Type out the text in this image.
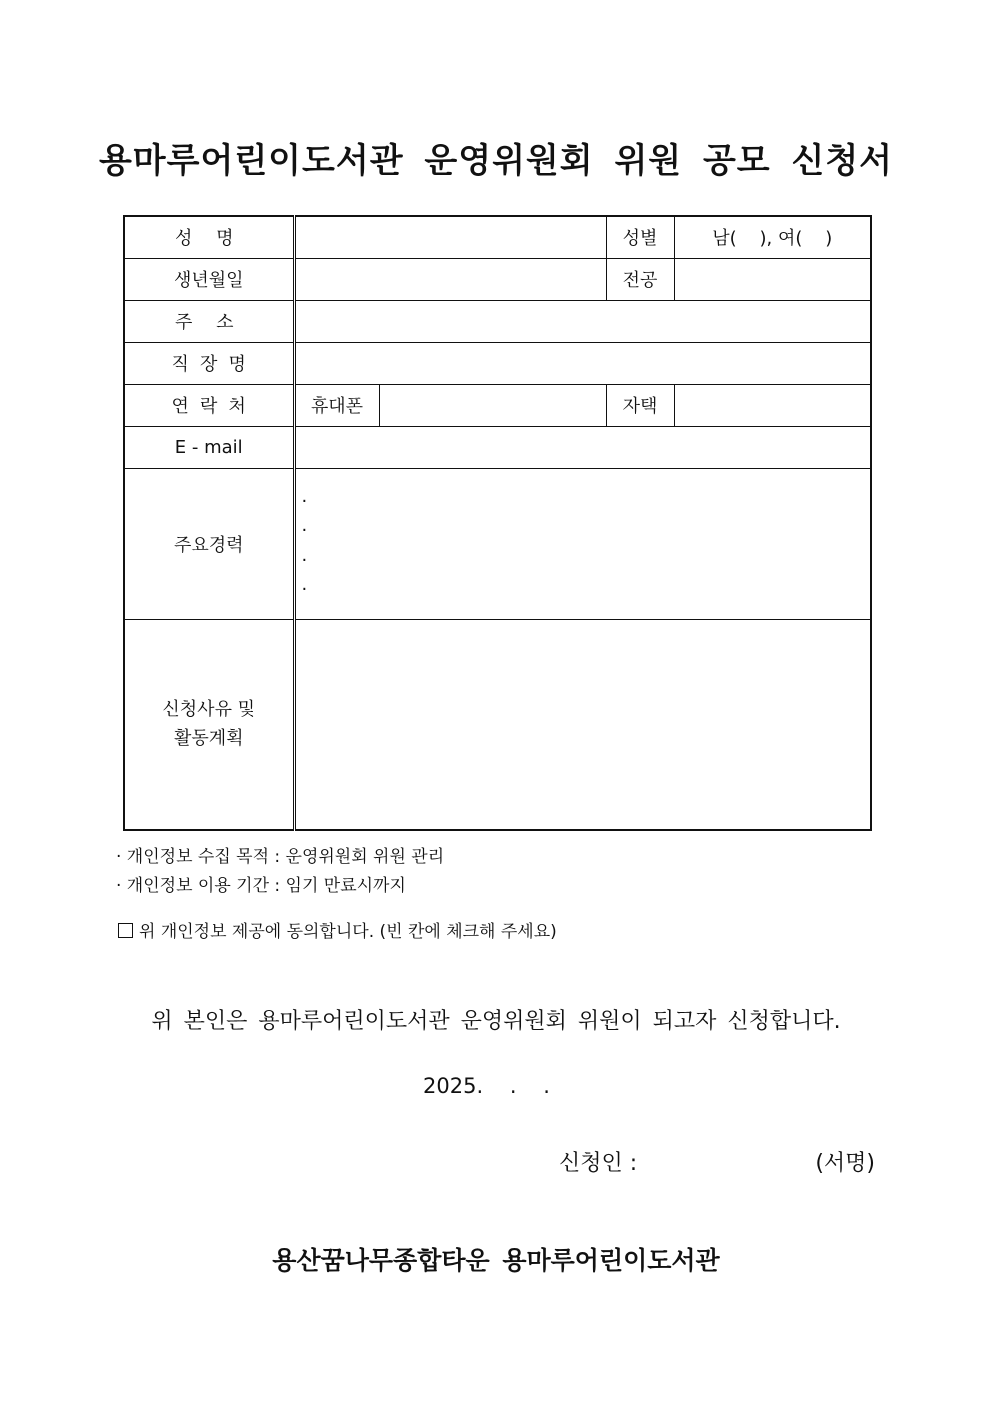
용마루어린이도서관 운영위원회 위원 공모 신청서
성 명			성별	남(    ), 여(    )
생년월일			전공	
주 소				
직 장 명				
연 락 처	휴대폰		자택	
E - mail				
주요경력	·
·
·
·			

신청사유 및
활동계획				

· 개인정보 수집 목적 : 운영위원회 위원 관리
· 개인정보 이용 기간 : 임기 만료시까지
위 개인정보 제공에 동의합니다. (빈 칸에 체크해 주세요)
위 본인은 용마루어린이도서관 운영위원회 위원이 되고자 신청합니다.
2025.    .    .
신청인 :	(서명)
용산꿈나무종합타운 용마루어린이도서관
